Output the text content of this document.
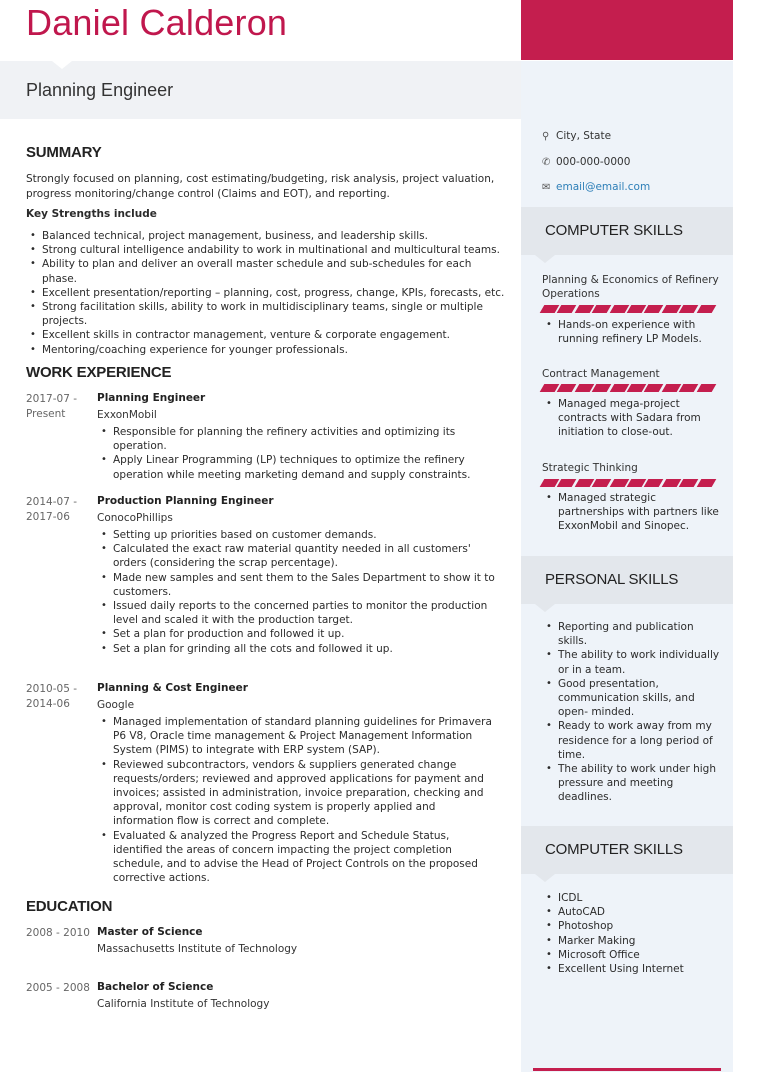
Daniel Calderon
Planning Engineer
SUMMARY
Strongly focused on planning, cost estimating/budgeting, risk analysis, project valuation, progress monitoring/change control (Claims and EOT), and reporting.
Key Strengths include
• Balanced technical, project management, business, and leadership skills.
• Strong cultural intelligence andability to work in multinational and multicultural teams.
• Ability to plan and deliver an overall master schedule and sub-schedules for each phase.
• Excellent presentation/reporting – planning, cost, progress, change, KPIs, forecasts, etc.
• Strong facilitation skills, ability to work in multidisciplinary teams, single or multiple projects.
• Excellent skills in contractor management, venture & corporate engagement.
• Mentoring/coaching experience for younger professionals.
WORK EXPERIENCE
2017-07 - Present
Planning Engineer
ExxonMobil
• Responsible for planning the refinery activities and optimizing its operation.
• Apply Linear Programming (LP) techniques to optimize the refinery operation while meeting marketing demand and supply constraints.
2014-07 - 2017-06
Production Planning Engineer
ConocoPhillips
• Setting up priorities based on customer demands.
• Calculated the exact raw material quantity needed in all customers' orders (considering the scrap percentage).
• Made new samples and sent them to the Sales Department to show it to customers.
• Issued daily reports to the concerned parties to monitor the production level and scaled it with the production target.
• Set a plan for production and followed it up.
• Set a plan for grinding all the cots and followed it up.
2010-05 - 2014-06
Planning & Cost Engineer
Google
• Managed implementation of standard planning guidelines for Primavera P6 V8, Oracle time management & Project Management Information System (PIMS) to integrate with ERP system (SAP).
• Reviewed subcontractors, vendors & suppliers generated change requests/orders; reviewed and approved applications for payment and invoices; assisted in administration, invoice preparation, checking and approval, monitor cost coding system is properly applied and information flow is correct and complete.
• Evaluated & analyzed the Progress Report and Schedule Status, identified the areas of concern impacting the project completion schedule, and to advise the Head of Project Controls on the proposed corrective actions.
EDUCATION
2008 - 2010 Master of Science
Massachusetts Institute of Technology
2005 - 2008 Bachelor of Science
California Institute of Technology
⚲ City, State
✆ 000-000-0000
✉ email@email.com
COMPUTER SKILLS
Planning & Economics of Refinery Operations
• Hands-on experience with running refinery LP Models.
Contract Management
• Managed mega-project contracts with Sadara from initiation to close-out.
Strategic Thinking
• Managed strategic partnerships with partners like ExxonMobil and Sinopec.
PERSONAL SKILLS
• Reporting and publication skills.
• The ability to work individually or in a team.
• Good presentation, communication skills, and open- minded.
• Ready to work away from my residence for a long period of time.
• The ability to work under high pressure and meeting deadlines.
COMPUTER SKILLS
• ICDL
• AutoCAD
• Photoshop
• Marker Making
• Microsoft Office
• Excellent Using Internet
